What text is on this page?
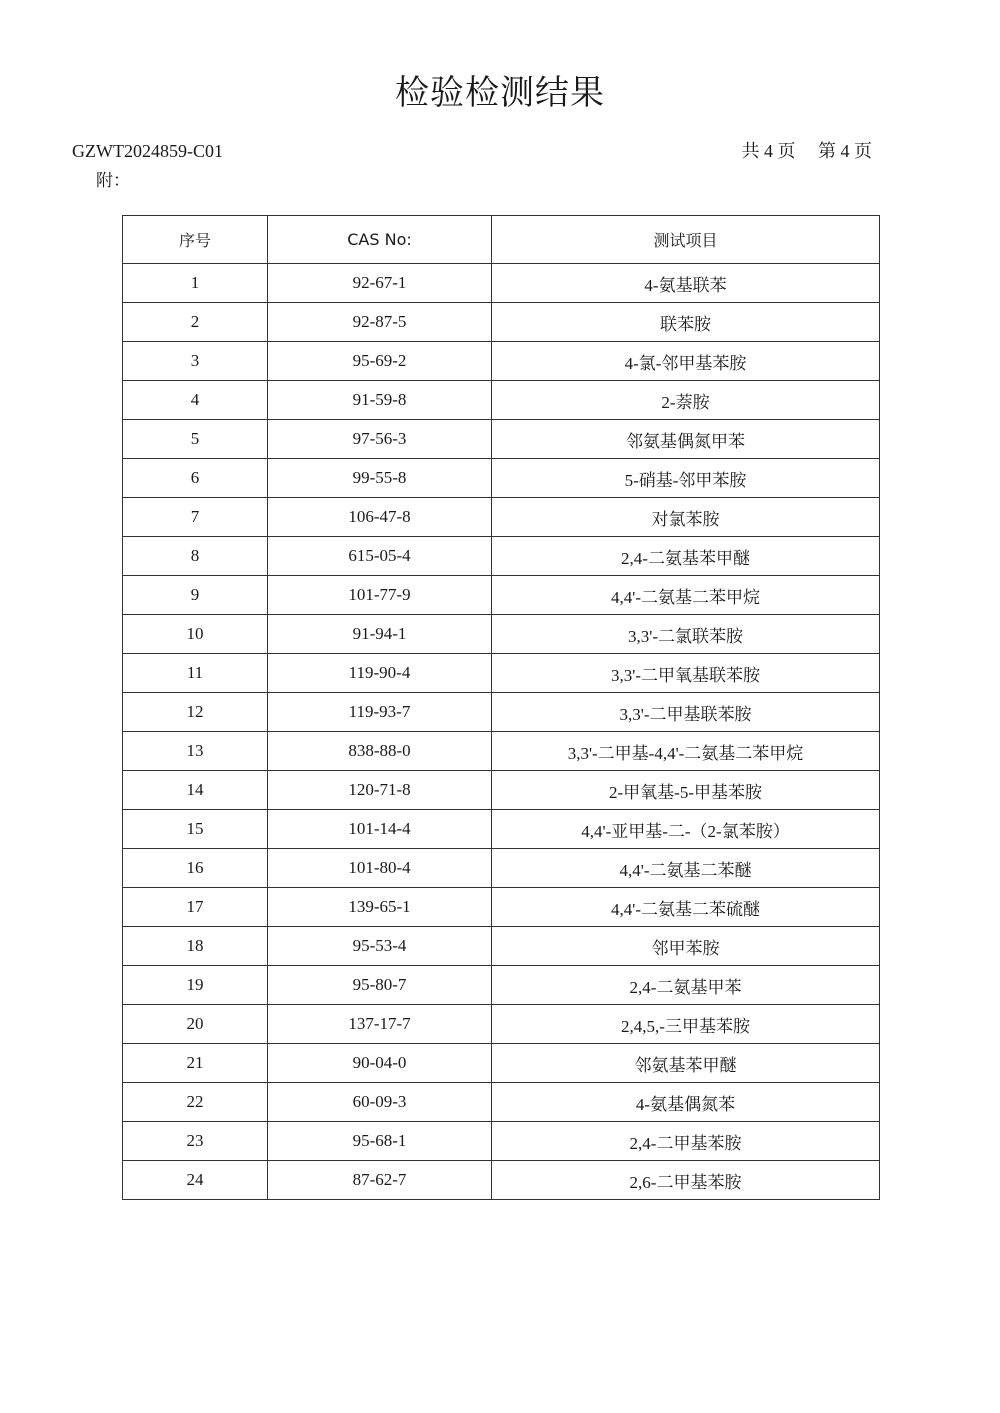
检验检测结果
GZWT2024859-C01	共 4 页 第 4 页
附：
序号	CAS No:	测试项目
1	92-67-1	4-氨基联苯
2	92-87-5	联苯胺
3	95-69-2	4-氯-邻甲基苯胺
4	91-59-8	2-萘胺
5	97-56-3	邻氨基偶氮甲苯
6	99-55-8	5-硝基-邻甲苯胺
7	106-47-8	对氯苯胺
8	615-05-4	2,4-二氨基苯甲醚
9	101-77-9	4,4'-二氨基二苯甲烷
10	91-94-1	3,3'-二氯联苯胺
11	119-90-4	3,3'-二甲氧基联苯胺
12	119-93-7	3,3'-二甲基联苯胺
13	838-88-0	3,3'-二甲基-4,4'-二氨基二苯甲烷
14	120-71-8	2-甲氧基-5-甲基苯胺
15	101-14-4	4,4'-亚甲基-二-（2-氯苯胺）
16	101-80-4	4,4'-二氨基二苯醚
17	139-65-1	4,4'-二氨基二苯硫醚
18	95-53-4	邻甲苯胺
19	95-80-7	2,4-二氨基甲苯
20	137-17-7	2,4,5,-三甲基苯胺
21	90-04-0	邻氨基苯甲醚
22	60-09-3	4-氨基偶氮苯
23	95-68-1	2,4-二甲基苯胺
24	87-62-7	2,6-二甲基苯胺
